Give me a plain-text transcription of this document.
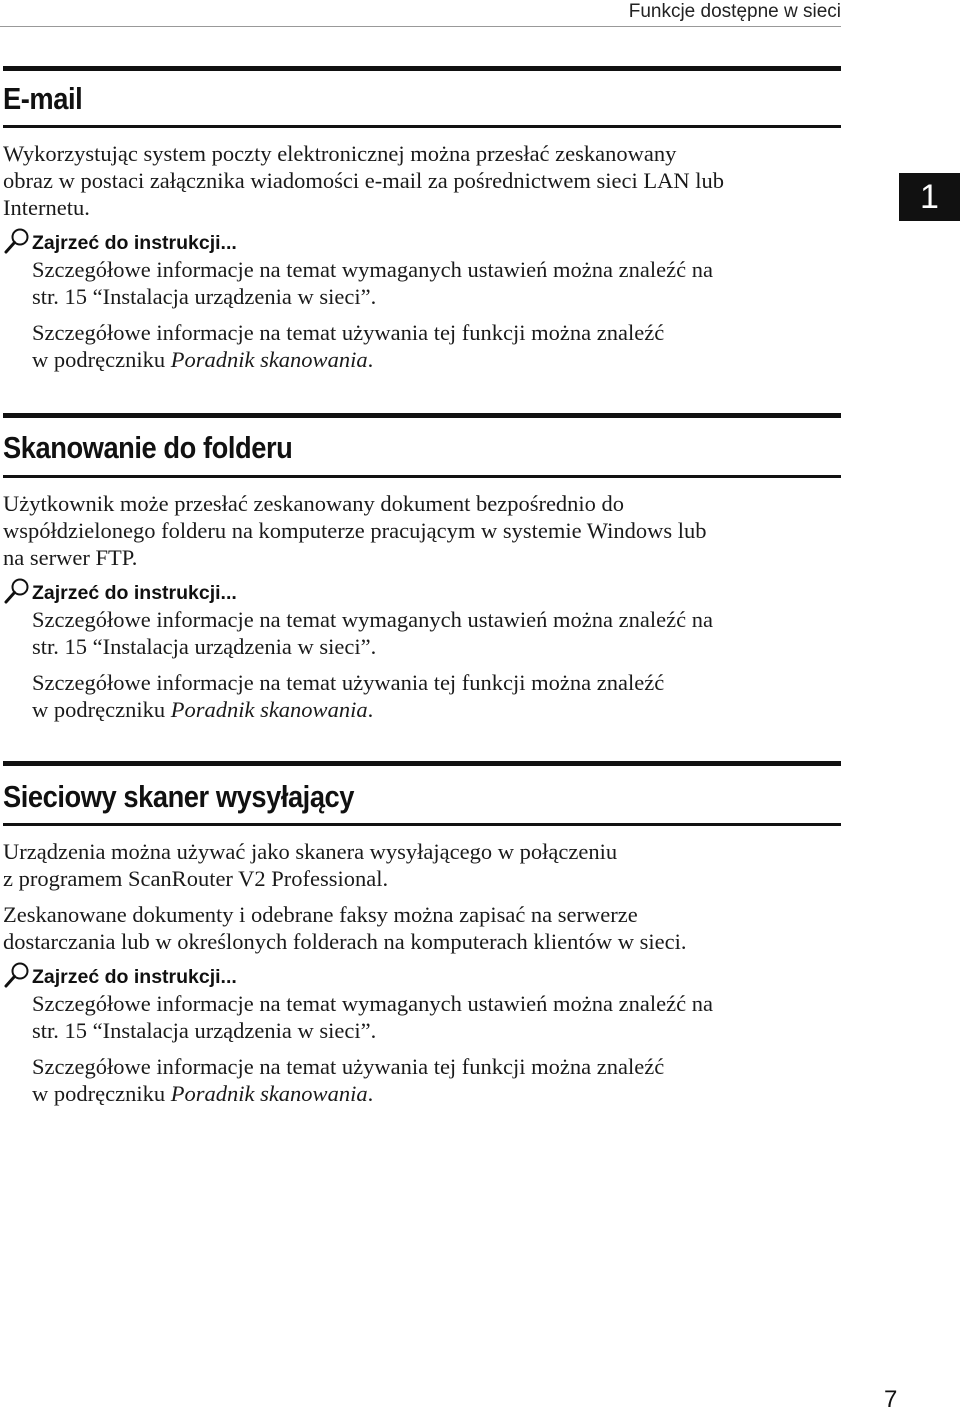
Funkcje dostępne w sieci
1
E-mail

Wykorzystując system poczty elektronicznej można przesłać zeskanowany
obraz w postaci załącznika wiadomości e-mail za pośrednictwem sieci LAN lub
Internetu.

Zajrzeć do instrukcji...

Szczegółowe informacje na temat wymaganych ustawień można znaleźć na
str. 15 “Instalacja urządzenia w sieci”.

Szczegółowe informacje na temat używania tej funkcji można znaleźć
w podręczniku Poradnik skanowania.

Skanowanie do folderu

Użytkownik może przesłać zeskanowany dokument bezpośrednio do
współdzielonego folderu na komputerze pracującym w systemie Windows lub
na serwer FTP.

Zajrzeć do instrukcji...

Szczegółowe informacje na temat wymaganych ustawień można znaleźć na
str. 15 “Instalacja urządzenia w sieci”.

Szczegółowe informacje na temat używania tej funkcji można znaleźć
w podręczniku Poradnik skanowania.

Sieciowy skaner wysyłający

Urządzenia można używać jako skanera wysyłającego w połączeniu
z programem ScanRouter V2 Professional.

Zeskanowane dokumenty i odebrane faksy można zapisać na serwerze
dostarczania lub w określonych folderach na komputerach klientów w sieci.

Zajrzeć do instrukcji...

Szczegółowe informacje na temat wymaganych ustawień można znaleźć na
str. 15 “Instalacja urządzenia w sieci”.

Szczegółowe informacje na temat używania tej funkcji można znaleźć
w podręczniku Poradnik skanowania.

7
